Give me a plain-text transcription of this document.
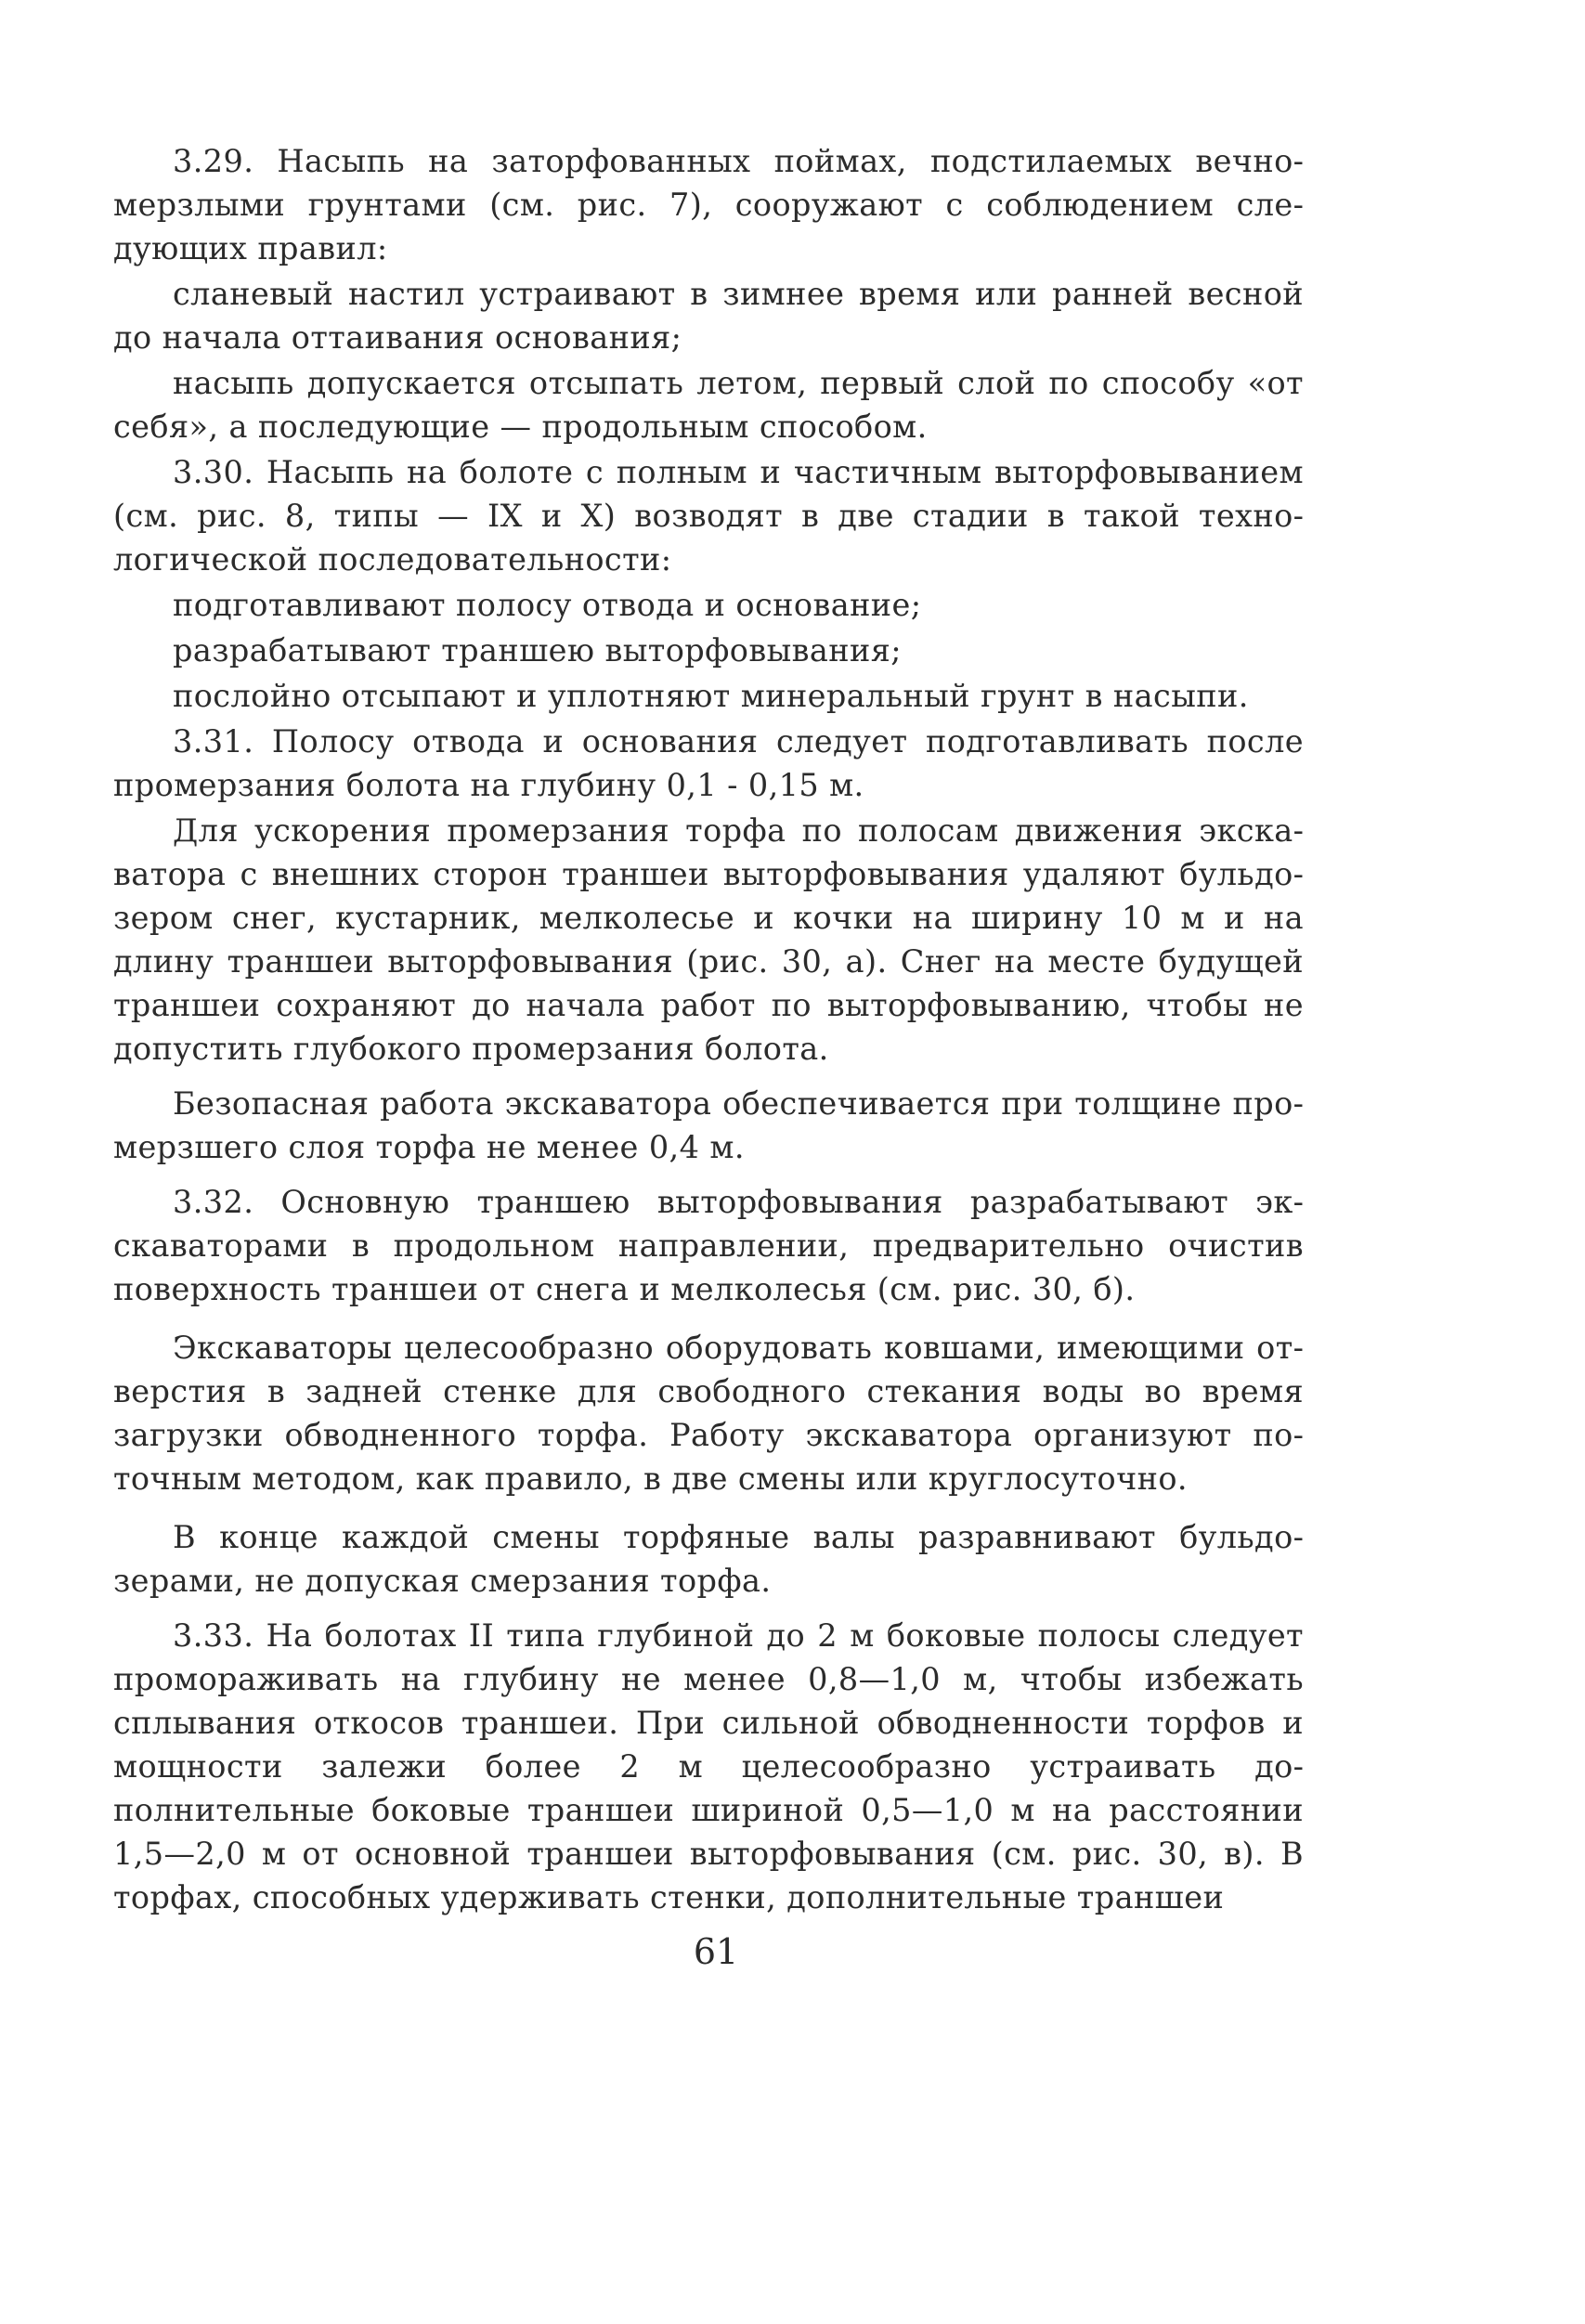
3.29. Насыпь на заторфованных поймах, подстилаемых вечномерзлыми грунтами (см. рис. 7), сооружают с соблюдением следующих правил:

сланевый настил устраивают в зимнее время или ранней весной до начала оттаивания основания;

насыпь допускается отсыпать летом, первый слой по способу «от себя», а последующие — продольным способом.

3.30. Насыпь на болоте с полным и частичным выторфовыванием (см. рис. 8, типы — IX и X) возводят в две стадии в такой технологической последовательности:

подготавливают полосу отвода и основание;

разрабатывают траншею выторфовывания;

послойно отсыпают и уплотняют минеральный грунт в насыпи.

3.31. Полосу отвода и основания следует подготавливать после промерзания болота на глубину 0,1 - 0,15 м.

Для ускорения промерзания торфа по полосам движения экскаватора с внешних сторон траншеи выторфовывания удаляют бульдозером снег, кустарник, мелколесье и кочки на ширину 10 м и на длину траншеи выторфовывания (рис. 30, а). Снег на месте будущей траншеи сохраняют до начала работ по выторфовыванию, чтобы не допустить глубокого промерзания болота.

Безопасная работа экскаватора обеспечивается при толщине промерзшего слоя торфа не менее 0,4 м.

3.32. Основную траншею выторфовывания разрабатывают экскаваторами в продольном направлении, предварительно очистив поверхность траншеи от снега и мелколесья (см. рис. 30, б).

Экскаваторы целесообразно оборудовать ковшами, имеющими отверстия в задней стенке для свободного стекания воды во время загрузки обводненного торфа. Работу экскаватора организуют поточным методом, как правило, в две смены или круглосуточно.

В конце каждой смены торфяные валы разравнивают бульдозерами, не допуская смерзания торфа.

3.33. На болотах II типа глубиной до 2 м боковые полосы следует промораживать на глубину не менее 0,8—1,0 м, чтобы избежать сплывания откосов траншеи. При сильной обводненности торфов и мощности залежи более 2 м целесообразно устраивать дополнительные боковые траншеи шириной 0,5—1,0 м на расстоянии 1,5—2,0 м от основной траншеи выторфовывания (см. рис. 30, в). В торфах, способных удерживать стенки, дополнительные траншеи

61
